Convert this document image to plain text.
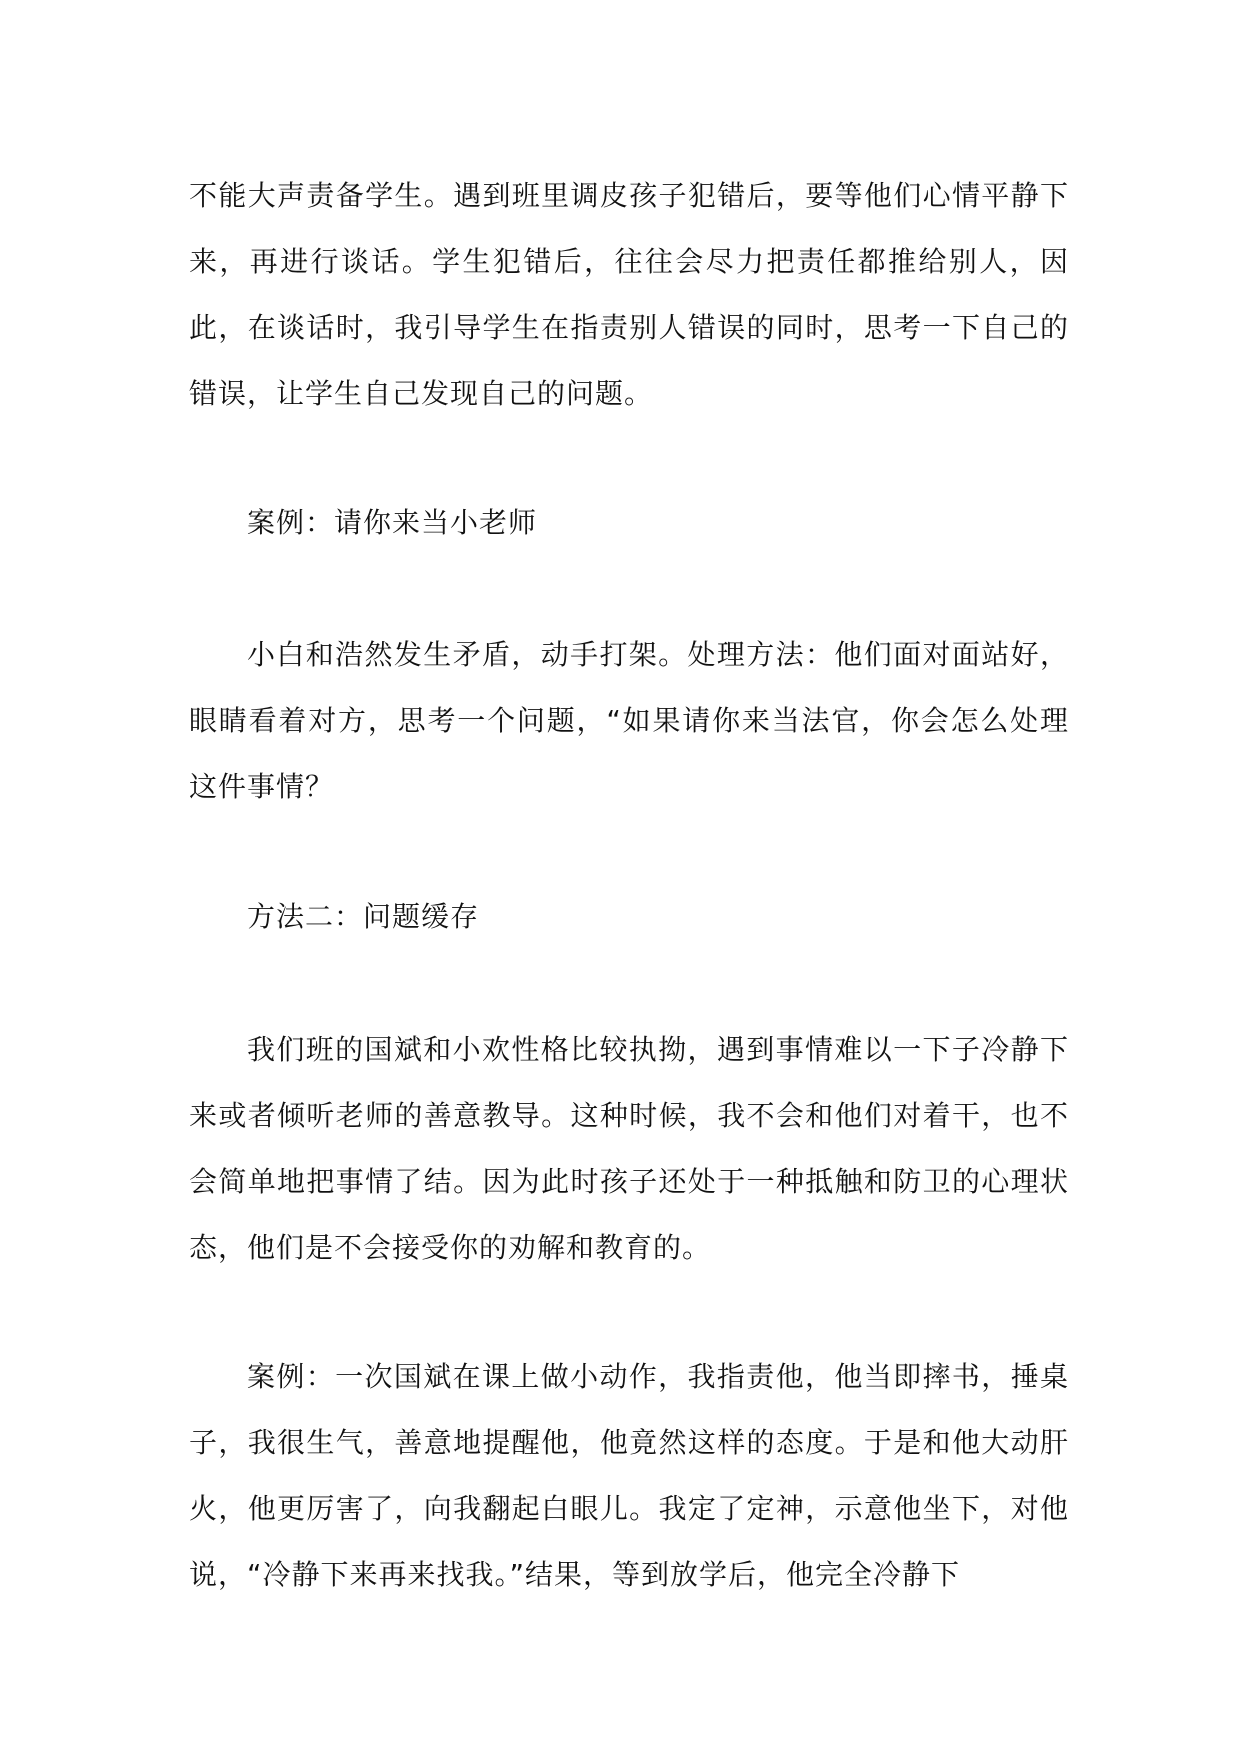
不能大声责备学生。遇到班里调皮孩子犯错后，要等他们心情平静下来，再进行谈话。学生犯错后，往往会尽力把责任都推给别人，因此，在谈话时，我引导学生在指责别人错误的同时，思考一下自己的错误，让学生自己发现自己的问题。

案例：请你来当小老师

小白和浩然发生矛盾，动手打架。处理方法：他们面对面站好，眼睛看着对方，思考一个问题，“如果请你来当法官，你会怎么处理这件事情？

方法二：问题缓存

我们班的国斌和小欢性格比较执拗，遇到事情难以一下子冷静下来或者倾听老师的善意教导。这种时候，我不会和他们对着干，也不会简单地把事情了结。因为此时孩子还处于一种抵触和防卫的心理状态，他们是不会接受你的劝解和教育的。

案例：一次国斌在课上做小动作，我指责他，他当即摔书，捶桌子，我很生气，善意地提醒他，他竟然这样的态度。于是和他大动肝火，他更厉害了，向我翻起白眼儿。我定了定神，示意他坐下，对他说，“冷静下来再来找我。”结果，等到放学后，他完全冷静下
